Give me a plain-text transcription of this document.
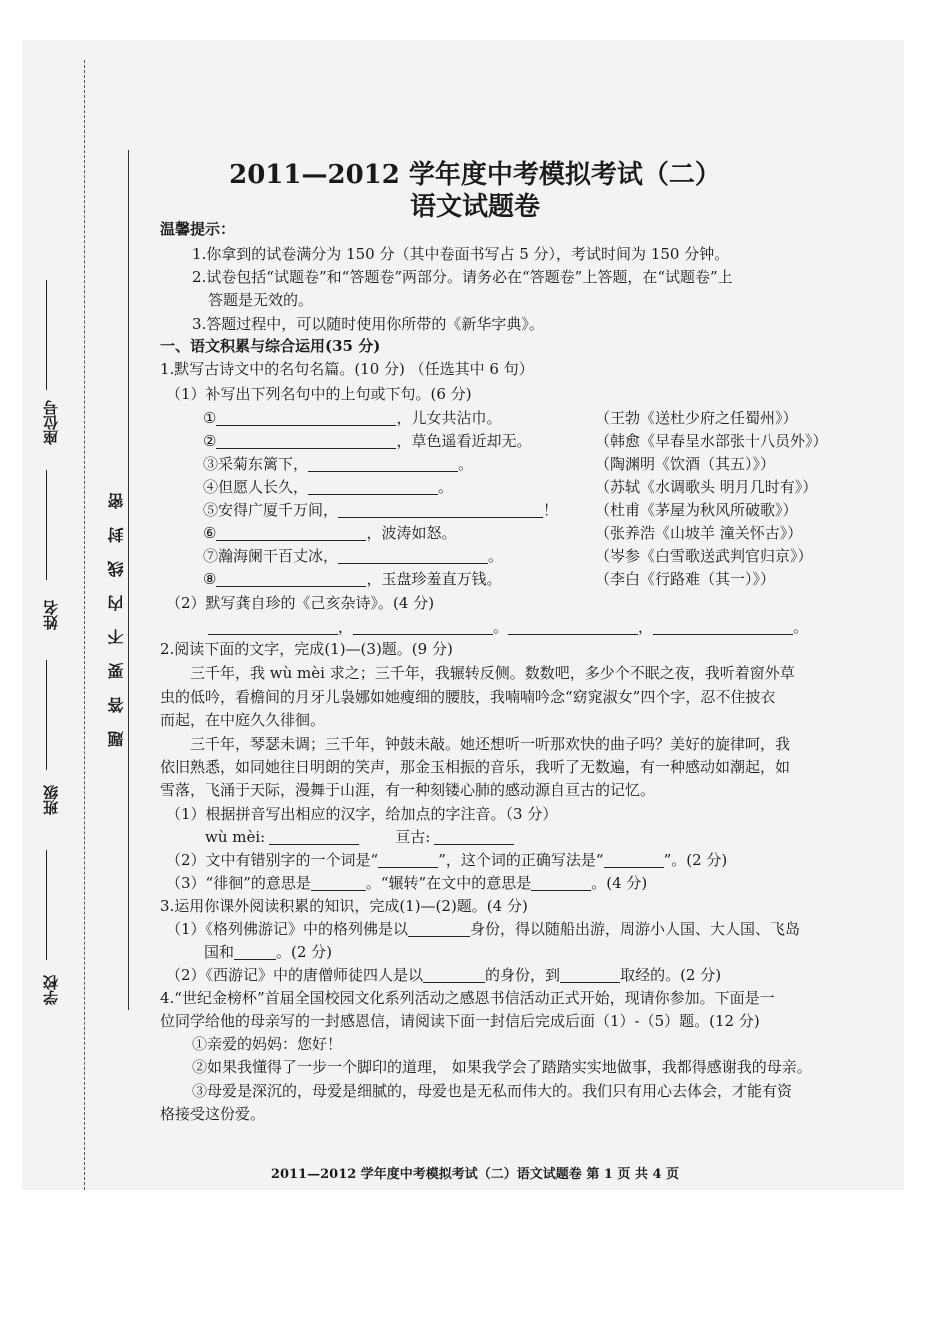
座位号
姓名
班级
学校
题答要不内线封密
2011—2012 学年度中考模拟考试（二）
语文试题卷
温馨提示：
1.你拿到的试卷满分为 150 分（其中卷面书写占 5 分），考试时间为 150 分钟。
2.试卷包括“试题卷”和“答题卷”两部分。请务必在“答题卷”上答题，在“试题卷”上
答题是无效的。
3.答题过程中，可以随时使用你所带的《新华字典》。
一、语文积累与综合运用(35 分)
1.默写古诗文中的名句名篇。(10 分) （任选其中 6 句）
（1）补写出下列名句中的上句或下句。(6 分)
①	，儿女共沾巾。	（王勃《送杜少府之任蜀州》）
②	，草色遥看近却无。	（韩愈《早春呈水部张十八员外》）
③采菊东篱下，	。	（陶渊明《饮酒（其五）》）
④但愿人长久，	。	（苏轼《水调歌头 明月几时有》）
⑤安得广厦千万间，	！ （杜甫《茅屋为秋风所破歌》）
⑥	，波涛如怒。	（张养浩《山坡羊 潼关怀古》）
⑦瀚海阑干百丈冰，	。	（岑参《白雪歌送武判官归京》）
⑧	，玉盘珍羞直万钱。	（李白《行路难（其一）》）
（2）默写龚自珍的《己亥杂诗》。(4 分)
，	。	，	。
2.阅读下面的文字，完成(1)—(3)题。(9 分)
三千年，我 wù mèi 求之；三千年，我辗转反侧。数数吧，多少个不眠之夜，我听着窗外草
虫的低吟，看檐间的月牙儿袅娜如她瘦细的腰肢，我喃喃吟念“窈窕淑女”四个字，忍不住披衣
而起，在中庭久久徘徊。
三千年，琴瑟未调；三千年，钟鼓未敲。她还想听一听那欢快的曲子吗？美好的旋律呵，我
依旧熟悉，如同她往日明朗的笑声，那金玉相振的音乐，我听了无数遍，有一种感动如潮起，如
雪落，飞涌于天际，漫舞于山涯，有一种刻镂心肺的感动源自亘古的记忆。
（1）根据拼音写出相应的汉字，给加点的字注音。（3 分）
wù mèi:	亘古:
（2）文中有错别字的一个词是“	”，这个词的正确写法是“	”。(2 分)
（3）“徘徊”的意思是	。“辗转”在文中的意思是	。(4 分)
3.运用你课外阅读积累的知识，完成(1)—(2)题。(4 分)
（1）《格列佛游记》中的格列佛是以	身份，得以随船出游，周游小人国、大人国、飞岛
国和	。(2 分)
（2）《西游记》中的唐僧师徒四人是以	的身份，到	取经的。(2 分)
4.“世纪金榜杯”首届全国校园文化系列活动之感恩书信活动正式开始，现请你参加。下面是一
位同学给他的母亲写的一封感恩信，请阅读下面一封信后完成后面（1）-（5）题。(12 分)
①亲爱的妈妈：您好！
②如果我懂得了一步一个脚印的道理， 如果我学会了踏踏实实地做事，我都得感谢我的母亲。
③母爱是深沉的，母爱是细腻的，母爱也是无私而伟大的。我们只有用心去体会，才能有资
格接受这份爱。
2011—2012 学年度中考模拟考试（二）语文试题卷 第 1 页 共 4 页
